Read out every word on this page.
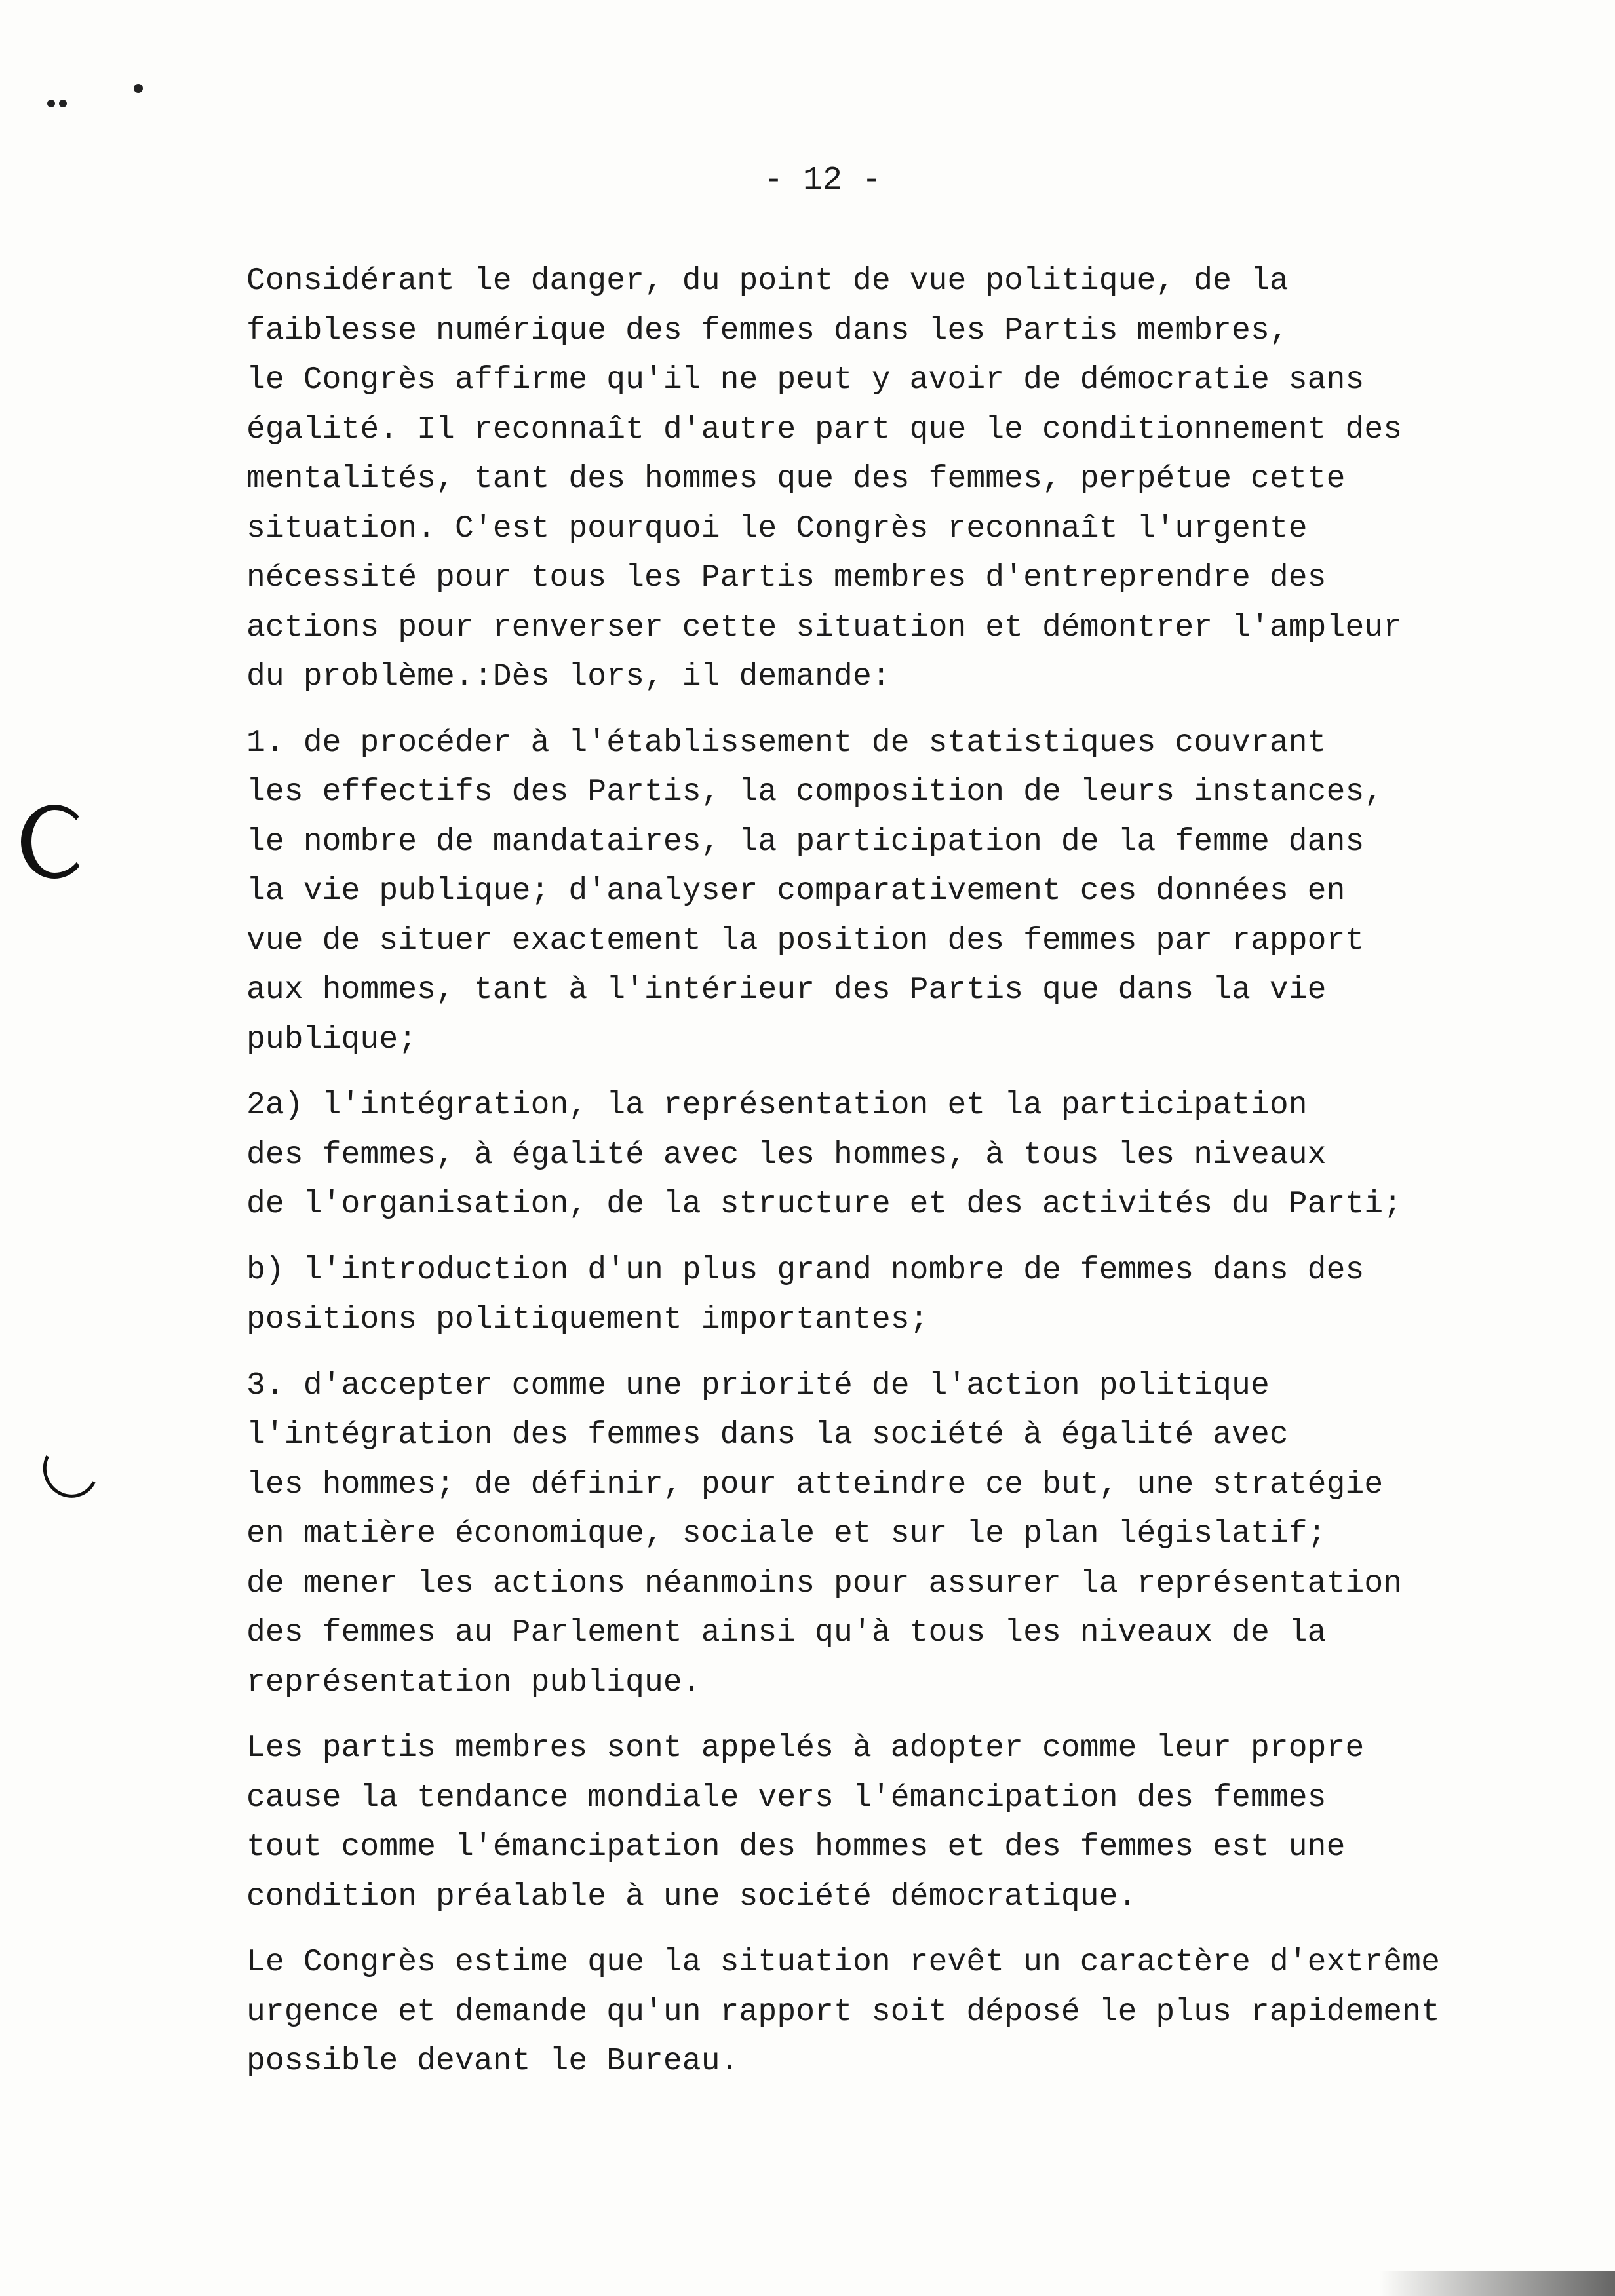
- 12 -
Considérant le danger, du point de vue politique, de la
faiblesse numérique des femmes dans les Partis membres,
le Congrès affirme qu'il ne peut y avoir de démocratie sans
égalité. Il reconnaît d'autre part que le conditionnement des
mentalités, tant des hommes que des femmes, perpétue cette
situation. C'est pourquoi le Congrès reconnaît l'urgente
nécessité pour tous les Partis membres d'entreprendre des
actions pour renverser cette situation et démontrer l'ampleur
du problème.:Dès lors, il demande:
1. de procéder à l'établissement de statistiques couvrant
les effectifs des Partis, la composition de leurs instances,
le nombre de mandataires, la participation de la femme dans
la vie publique; d'analyser comparativement ces données en
vue de situer exactement la position des femmes par rapport
aux hommes, tant à l'intérieur des Partis que dans la vie
publique;
2a) l'intégration, la représentation et la participation
des femmes, à égalité avec les hommes, à tous les niveaux
de l'organisation, de la structure et des activités du Parti;
b) l'introduction d'un plus grand nombre de femmes dans des
positions politiquement importantes;
3. d'accepter comme une priorité de l'action politique
l'intégration des femmes dans la société à égalité avec
les hommes; de définir, pour atteindre ce but, une stratégie
en matière économique, sociale et sur le plan législatif;
de mener les actions néanmoins pour assurer la représentation
des femmes au Parlement ainsi qu'à tous les niveaux de la
représentation publique.
Les partis membres sont appelés à adopter comme leur propre
cause la tendance mondiale vers l'émancipation des femmes
tout comme l'émancipation des hommes et des femmes est une
condition préalable à une société démocratique.
Le Congrès estime que la situation revêt un caractère d'extrême
urgence et demande qu'un rapport soit déposé le plus rapidement
possible devant le Bureau.
